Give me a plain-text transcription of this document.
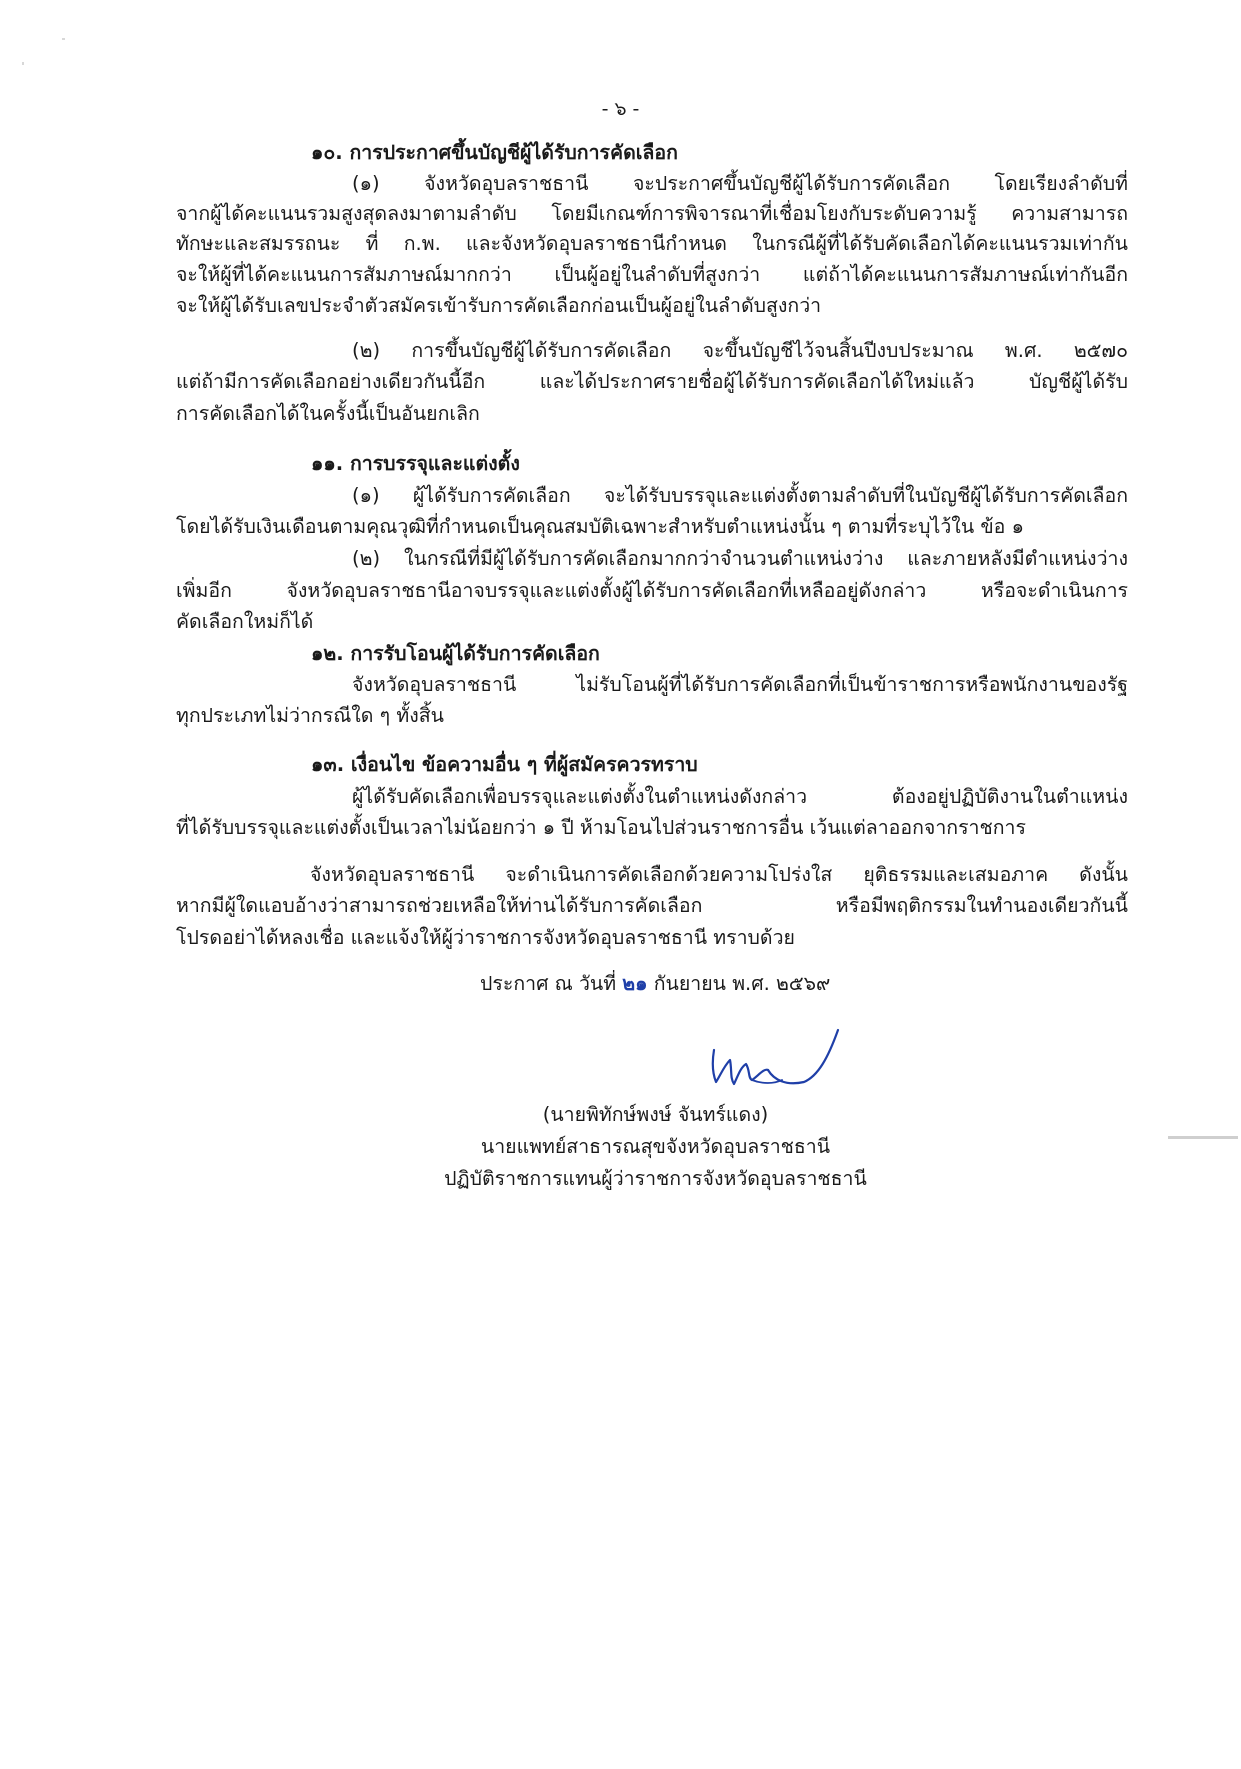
- ๖ -
๑๐. การประกาศขึ้นบัญชีผู้ได้รับการคัดเลือก
(๑) จังหวัดอุบลราชธานี จะประกาศขึ้นบัญชีผู้ได้รับการคัดเลือก โดยเรียงลำดับที่
จากผู้ได้คะแนนรวมสูงสุดลงมาตามลำดับ โดยมีเกณฑ์การพิจารณาที่เชื่อมโยงกับระดับความรู้ ความสามารถ
ทักษะและสมรรถนะ ที่ ก.พ. และจังหวัดอุบลราชธานีกำหนด ในกรณีผู้ที่ได้รับคัดเลือกได้คะแนนรวมเท่ากัน
จะให้ผู้ที่ได้คะแนนการสัมภาษณ์มากกว่า เป็นผู้อยู่ในลำดับที่สูงกว่า แต่ถ้าได้คะแนนการสัมภาษณ์เท่ากันอีก
จะให้ผู้ได้รับเลขประจำตัวสมัครเข้ารับการคัดเลือกก่อนเป็นผู้อยู่ในลำดับสูงกว่า
(๒) การขึ้นบัญชีผู้ได้รับการคัดเลือก จะขึ้นบัญชีไว้จนสิ้นปีงบประมาณ พ.ศ. ๒๕๗๐
แต่ถ้ามีการคัดเลือกอย่างเดียวกันนี้อีก และได้ประกาศรายชื่อผู้ได้รับการคัดเลือกได้ใหม่แล้ว บัญชีผู้ได้รับ
การคัดเลือกได้ในครั้งนี้เป็นอันยกเลิก
๑๑. การบรรจุและแต่งตั้ง
(๑) ผู้ได้รับการคัดเลือก จะได้รับบรรจุและแต่งตั้งตามลำดับที่ในบัญชีผู้ได้รับการคัดเลือก
โดยได้รับเงินเดือนตามคุณวุฒิที่กำหนดเป็นคุณสมบัติเฉพาะสำหรับตำแหน่งนั้น ๆ ตามที่ระบุไว้ใน ข้อ ๑
(๒) ในกรณีที่มีผู้ได้รับการคัดเลือกมากกว่าจำนวนตำแหน่งว่าง และภายหลังมีตำแหน่งว่าง
เพิ่มอีก จังหวัดอุบลราชธานีอาจบรรจุและแต่งตั้งผู้ได้รับการคัดเลือกที่เหลืออยู่ดังกล่าว หรือจะดำเนินการ
คัดเลือกใหม่ก็ได้
๑๒. การรับโอนผู้ได้รับการคัดเลือก
จังหวัดอุบลราชธานี ไม่รับโอนผู้ที่ได้รับการคัดเลือกที่เป็นข้าราชการหรือพนักงานของรัฐ
ทุกประเภทไม่ว่ากรณีใด ๆ ทั้งสิ้น
๑๓. เงื่อนไข ข้อความอื่น ๆ ที่ผู้สมัครควรทราบ
ผู้ได้รับคัดเลือกเพื่อบรรจุและแต่งตั้งในตำแหน่งดังกล่าว ต้องอยู่ปฏิบัติงานในตำแหน่ง
ที่ได้รับบรรจุและแต่งตั้งเป็นเวลาไม่น้อยกว่า ๑ ปี ห้ามโอนไปส่วนราชการอื่น เว้นแต่ลาออกจากราชการ
จังหวัดอุบลราชธานี จะดำเนินการคัดเลือกด้วยความโปร่งใส ยุติธรรมและเสมอภาค ดังนั้น
หากมีผู้ใดแอบอ้างว่าสามารถช่วยเหลือให้ท่านได้รับการคัดเลือก หรือมีพฤติกรรมในทำนองเดียวกันนี้
โปรดอย่าได้หลงเชื่อ และแจ้งให้ผู้ว่าราชการจังหวัดอุบลราชธานี ทราบด้วย
ประกาศ ณ วันที่ ๒๑ กันยายน พ.ศ. ๒๕๖๙
(นายพิทักษ์พงษ์ จันทร์แดง)
นายแพทย์สาธารณสุขจังหวัดอุบลราชธานี
ปฏิบัติราชการแทนผู้ว่าราชการจังหวัดอุบลราชธานี
